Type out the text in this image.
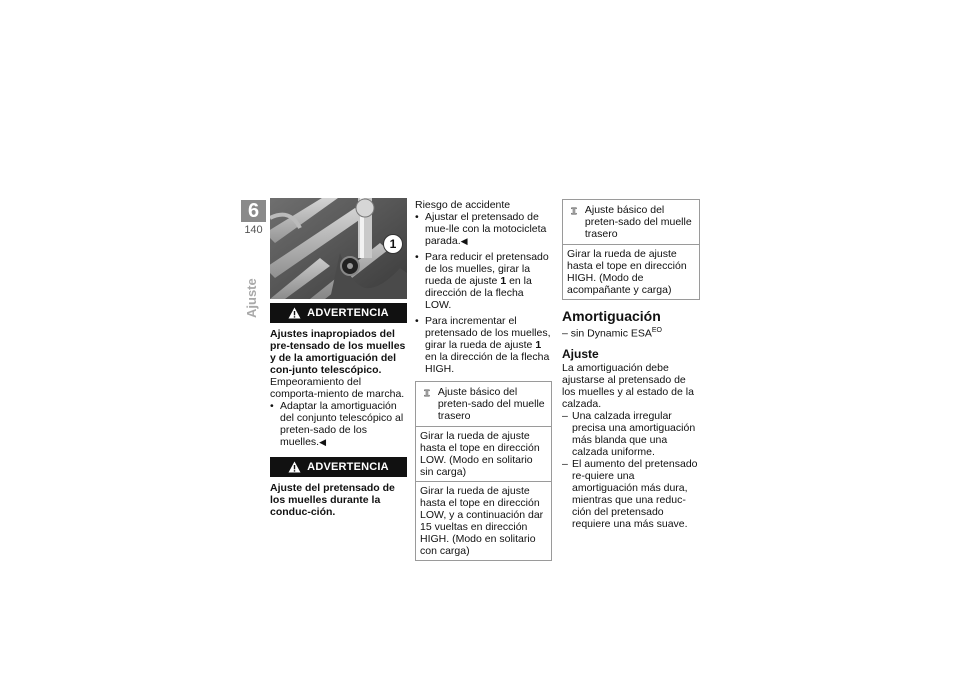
6
140
Ajuste
1
ADVERTENCIA
Ajustes inapropiados del pre-tensado de los muelles y de la amortiguación del con-junto telescópico.
Empeoramiento del comporta-miento de marcha.
• Adaptar la amortiguación del conjunto telescópico al preten-sado de los muelles.◀
ADVERTENCIA
Ajuste del pretensado de los muelles durante la conduc-ción.
Riesgo de accidente
• Ajustar el pretensado de mue-lle con la motocicleta parada.◀
• Para reducir el pretensado de los muelles, girar la rueda de ajuste 1 en la dirección de la flecha LOW.
• Para incrementar el pretensado de los muelles, girar la rueda de ajuste 1 en la dirección de la flecha HIGH.
Ajuste básico del preten-sado del muelle trasero
Girar la rueda de ajuste hasta el tope en dirección LOW. (Modo en solitario sin carga)
Girar la rueda de ajuste hasta el tope en dirección LOW, y a continuación dar 15 vueltas en dirección HIGH. (Modo en solitario con carga)
Ajuste básico del preten-sado del muelle trasero
Girar la rueda de ajuste hasta el tope en dirección HIGH. (Modo de acompañante y carga)
Amortiguación
– sin Dynamic $ESA^{EO}$
Ajuste
La amortiguación debe ajustarse al pretensado de los muelles y al estado de la calzada.
– Una calzada irregular precisa una amortiguación más blanda que una calzada uniforme.
– El aumento del pretensado re-quiere una amortiguación más dura, mientras que una reduc-ción del pretensado requiere una más suave.
